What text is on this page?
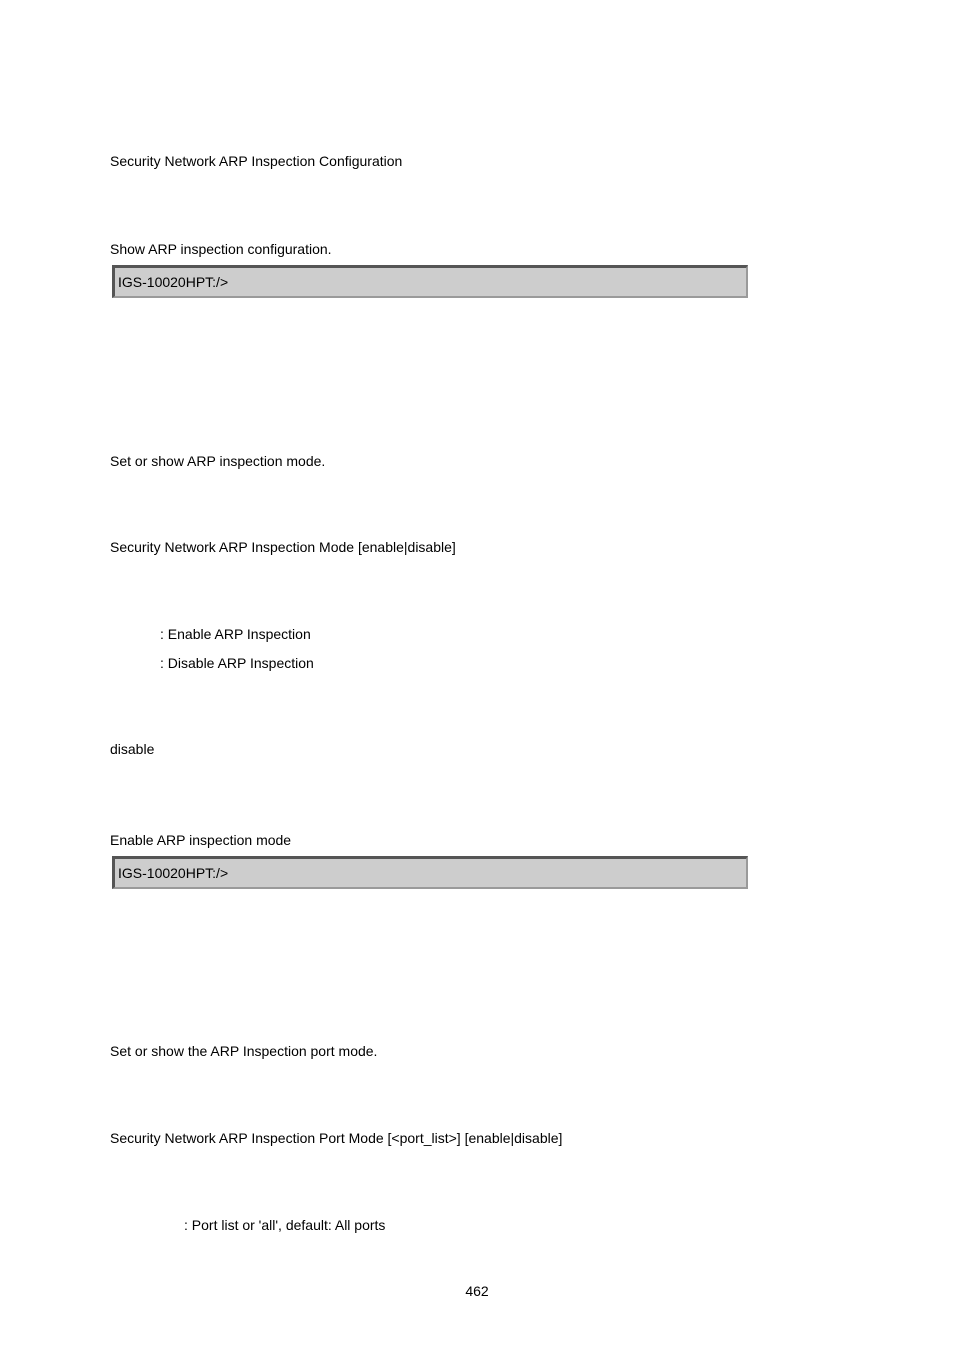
Security Network ARP Inspection Configuration
Show ARP inspection configuration.
IGS-10020HPT:/>
Set or show ARP inspection mode.
Security Network ARP Inspection Mode [enable|disable]
: Enable ARP Inspection
: Disable ARP Inspection
disable
Enable ARP inspection mode
IGS-10020HPT:/>
Set or show the ARP Inspection port mode.
Security Network ARP Inspection Port Mode [<port_list>] [enable|disable]
: Port list or 'all', default: All ports
462
